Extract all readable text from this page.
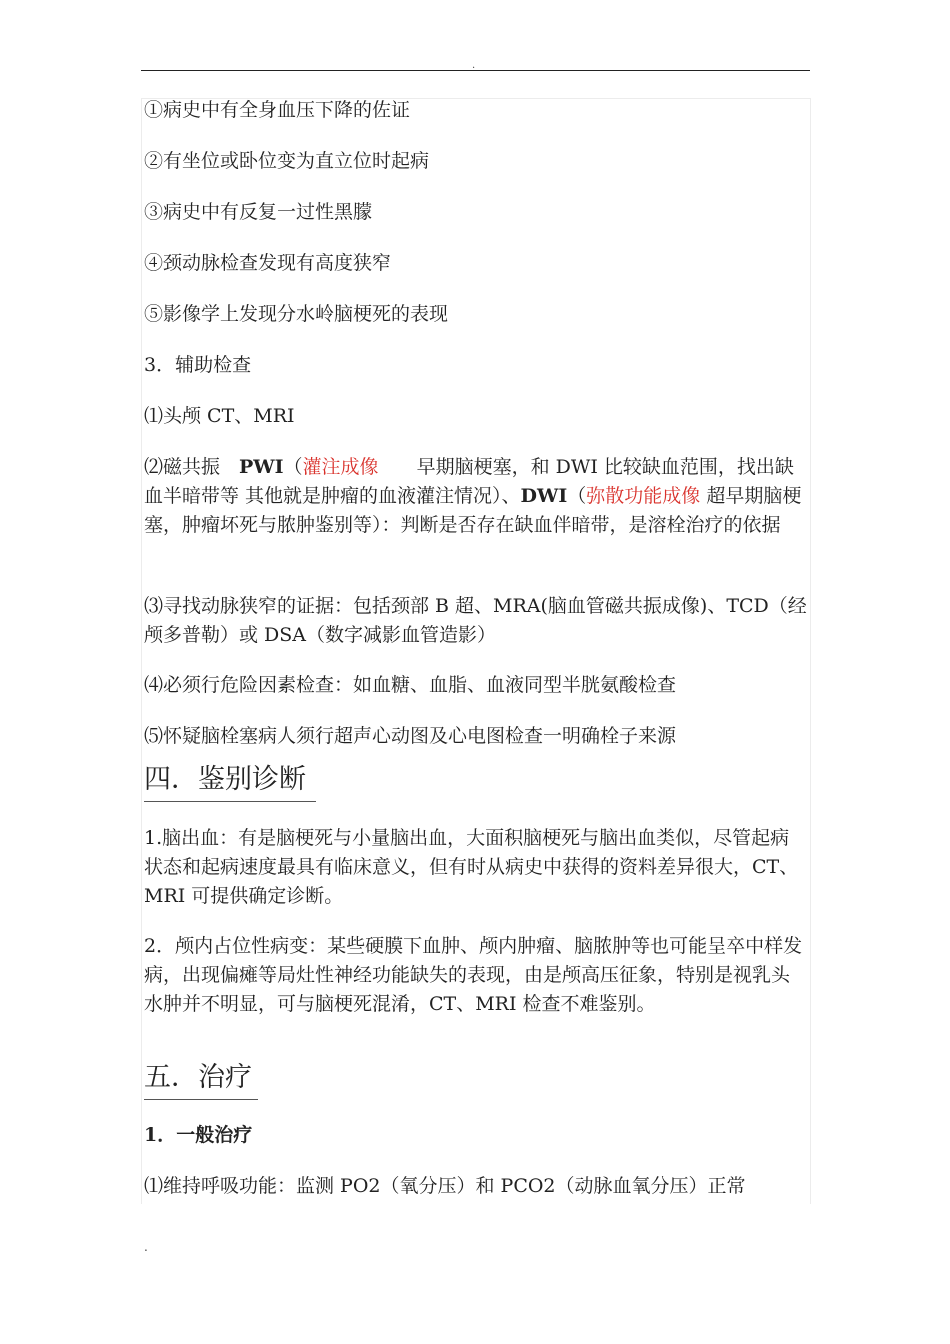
.
①病史中有全身血压下降的佐证
②有坐位或卧位变为直立位时起病
③病史中有反复一过性黑朦
④颈动脉检查发现有高度狭窄
⑤影像学上发现分水岭脑梗死的表现
3．辅助检查
⑴头颅 CT、MRI
⑵磁共振　PWI（灌注成像　　早期脑梗塞，和 DWI 比较缺血范围，找出缺血半暗带等 其他就是肿瘤的血液灌注情况）、DWI（弥散功能成像 超早期脑梗塞，肿瘤坏死与脓肿鉴别等）：判断是否存在缺血伴暗带，是溶栓治疗的依据
⑶寻找动脉狭窄的证据：包括颈部 B 超、MRA(脑血管磁共振成像)、TCD（经颅多普勒）或 DSA（数字减影血管造影）
⑷必须行危险因素检查：如血糖、血脂、血液同型半胱氨酸检查
⑸怀疑脑栓塞病人须行超声心动图及心电图检查一明确栓子来源
四．鉴别诊断
1.脑出血：有是脑梗死与小量脑出血，大面积脑梗死与脑出血类似，尽管起病状态和起病速度最具有临床意义，但有时从病史中获得的资料差异很大，CT、MRI 可提供确定诊断。
2．颅内占位性病变：某些硬膜下血肿、颅内肿瘤、脑脓肿等也可能呈卒中样发病，出现偏瘫等局灶性神经功能缺失的表现，由是颅高压征象，特别是视乳头水肿并不明显，可与脑梗死混淆，CT、MRI 检查不难鉴别。
五．治疗
1．一般治疗
⑴维持呼吸功能：监测 PO2（氧分压）和 PCO2（动脉血氧分压）正常
.
